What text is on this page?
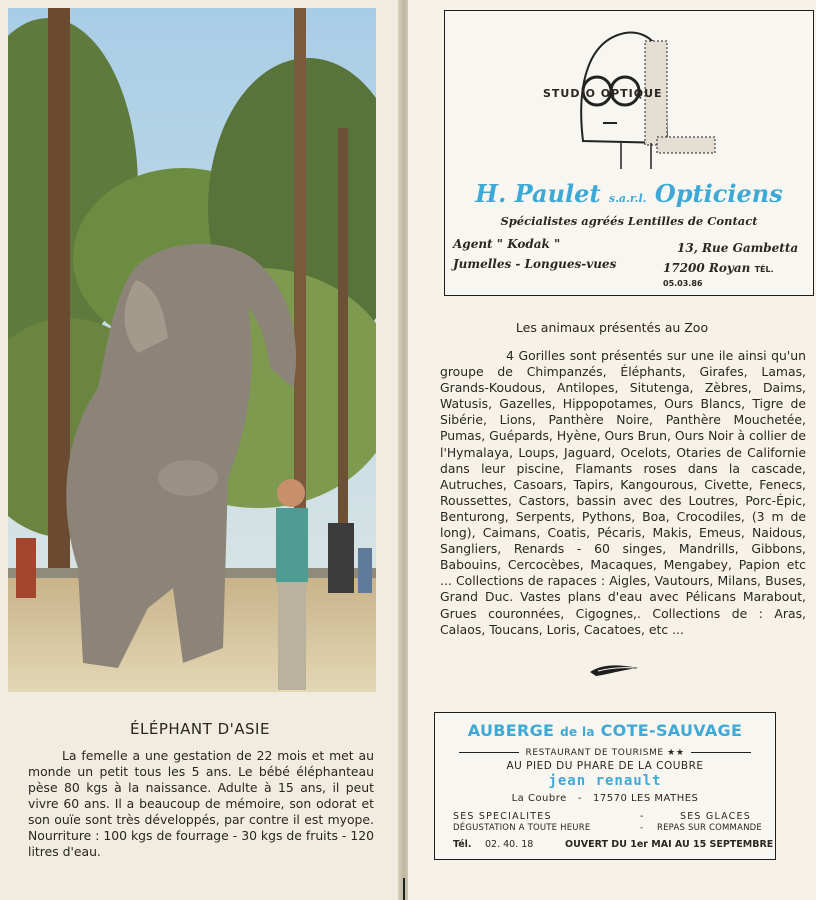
ÉLÉPHANT D'ASIE
La femelle a une gestation de 22 mois et met au monde un petit tous les 5 ans. Le bébé éléphanteau pèse 80 kgs à la naissance. Adulte à 15 ans, il peut vivre 60 ans. Il a beaucoup de mémoire, son odorat et son ouïe sont très développés, par contre il est myope. Nourriture : 100 kgs de fourrage - 30 kgs de fruits - 120 litres d'eau.
STUDIO OPTIQUE
H. Paulet s.a.r.l. Opticiens
Spécialistes agréés Lentilles de Contact
Agent " Kodak "
Jumelles - Longues-vues
13, Rue Gambetta
17200 Royan TÉL. 05.03.86
Les animaux présentés au Zoo
4 Gorilles sont présentés sur une ile ainsi qu'un groupe de Chimpanzés, Éléphants, Girafes, Lamas, Grands-Koudous, Antilopes, Situtenga, Zèbres, Daims, Watusis, Gazelles, Hippopotames, Ours Blancs, Tigre de Sibérie, Lions, Panthère Noire, Panthère Mouchetée, Pumas, Guépards, Hyène, Ours Brun, Ours Noir à collier de l'Hymalaya, Loups, Jaguard, Ocelots, Otaries de Californie dans leur piscine, Flamants roses dans la cascade, Autruches, Casoars, Tapirs, Kangourous, Civette, Fenecs, Roussettes, Castors, bassin avec des Loutres, Porc-Épic, Benturong, Serpents, Pythons, Boa, Crocodiles, (3 m de long), Caimans, Coatis, Pécaris, Makis, Emeus, Naidous, Sangliers, Renards - 60 singes, Mandrills, Gibbons, Babouins, Cercocèbes, Macaques, Mengabey, Papion etc ... Collections de rapaces : Aigles, Vautours, Milans, Buses, Grand Duc. Vastes plans d'eau avec Pélicans Marabout, Grues couronnées, Cigognes,. Collections de : Aras, Calaos, Toucans, Loris, Cacatoes, etc ...
AUBERGE de la COTE-SAUVAGE
RESTAURANT DE TOURISME ★★
AU PIED DU PHARE DE LA COUBRE
jean renault
La Coubre - 17570 LES MATHES
SES SPECIALITES	-	SES GLACES
DÉGUSTATION A TOUTE HEURE	- REPAS SUR COMMANDE
Tél. 02. 40. 18	OUVERT DU 1er MAI AU 15 SEPTEMBRE
